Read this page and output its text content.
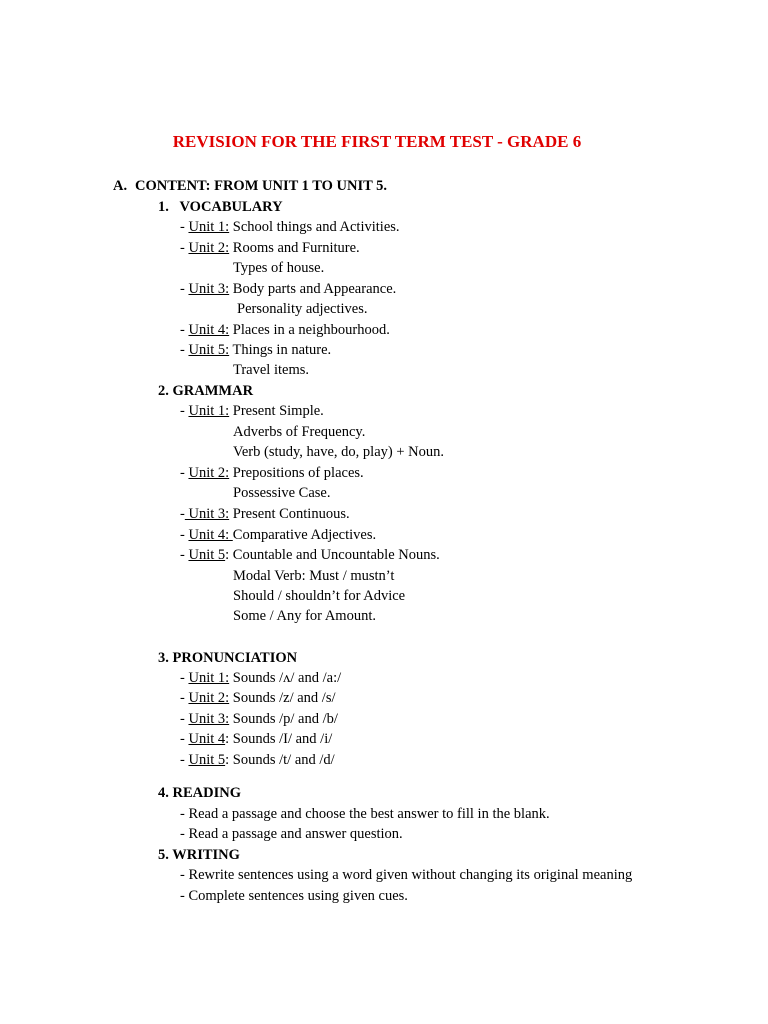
REVISION FOR THE FIRST TERM TEST - GRADE 6
A. CONTENT: FROM UNIT 1 TO UNIT 5.
1.   VOCABULARY
- Unit 1: School things and Activities.
- Unit 2: Rooms and Furniture.
Types of house.
- Unit 3: Body parts and Appearance.
Personality adjectives.
- Unit 4: Places in a neighbourhood.
- Unit 5: Things in nature.
Travel items.
2. GRAMMAR
- Unit 1: Present Simple.
Adverbs of Frequency.
Verb (study, have, do, play) + Noun.
- Unit 2: Prepositions of places.
Possessive Case.
- Unit 3: Present Continuous.
- Unit 4: Comparative Adjectives.
- Unit 5: Countable and Uncountable Nouns.
Modal Verb: Must / mustn’t
Should / shouldn’t for Advice
Some / Any for Amount.
3. PRONUNCIATION
- Unit 1: Sounds /ʌ/ and /a:/
- Unit 2: Sounds /z/ and /s/
- Unit 3: Sounds /p/ and /b/
- Unit 4: Sounds /I/ and /i/
- Unit 5: Sounds /t/ and /d/
4. READING
- Read a passage and choose the best answer to fill in the blank.
- Read a passage and answer question.
5. WRITING
- Rewrite sentences using a word given without changing its original meaning
- Complete sentences using given cues.
